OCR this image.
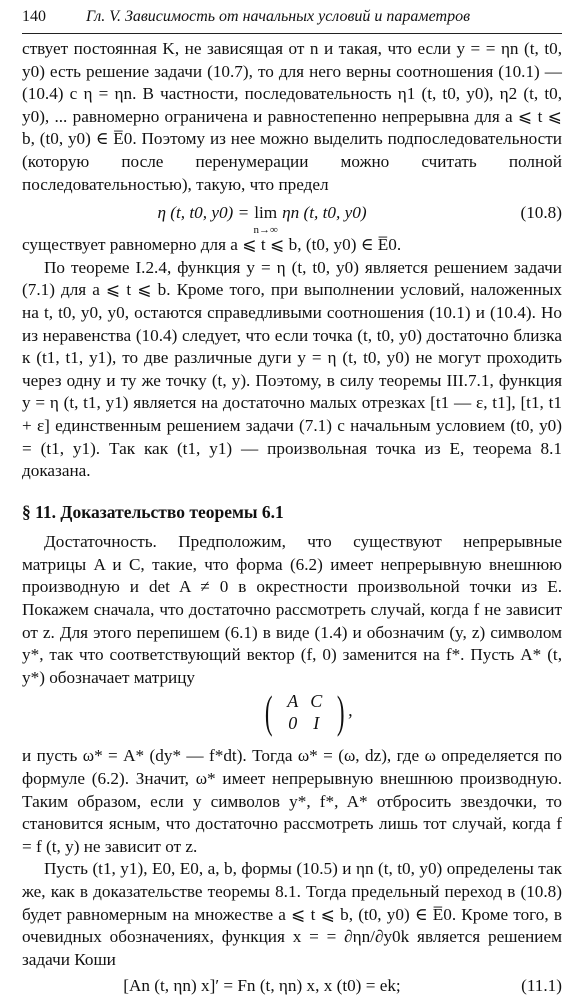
140	Гл. V. Зависимость от начальных условий и параметров

ствует постоянная K, не зависящая от n и такая, что если y = = ηn (t, t0, y0) есть решение задачи (10.7), то для него верны соотношения (10.1) — (10.4) с η = ηn. В частности, последовательность η1 (t, t0, y0), η2 (t, t0, y0), ... равномерно ограничена и равностепенно непрерывна для a ⩽ t ⩽ b, (t0, y0) ∈ E̅0. Поэтому из нее можно выделить подпоследовательности (которую после перенумерации можно считать полной последовательностью), такую, что предел

η (t, t0, y0) = lim
n→∞
ηn (t, t0, y0)	(10.8)

существует равномерно для a ⩽ t ⩽ b, (t0, y0) ∈ E̅0.

По теореме I.2.4, функция y = η (t, t0, y0) является решением задачи (7.1) для a ⩽ t ⩽ b. Кроме того, при выполнении условий, наложенных на t, t0, y0, y0, остаются справедливыми соотношения (10.1) и (10.4). Но из неравенства (10.4) следует, что если точка (t, t0, y0) достаточно близка к (t1, t1, y1), то две различные дуги y = η (t, t0, y0) не могут проходить через одну и ту же точку (t, y). Поэтому, в силу теоремы III.7.1, функция y = η (t, t1, y1) является на достаточно малых отрезках [t1 — ε, t1], [t1, t1 + ε] единственным решением задачи (7.1) с начальным условием (t0, y0) = (t1, y1). Так как (t1, y1) — произвольная точка из E, теорема 8.1 доказана.

§ 11. Доказательство теоремы 6.1

Достаточность. Предположим, что существуют непрерывные матрицы A и C, такие, что форма (6.2) имеет непрерывную внешнюю производную и det A ≠ 0 в окрестности произвольной точки из E. Покажем сначала, что достаточно рассмотреть случай, когда f не зависит от z. Для этого перепишем (6.1) в виде (1.4) и обозначим (y, z) символом y*, так что соответствующий вектор (f, 0) заменится на f*. Пусть A* (t, y*) обозначает матрицу

( A	C
0	I ) ,

и пусть ω* = A* (dy* — f*dt). Тогда ω* = (ω, dz), где ω определяется по формуле (6.2). Значит, ω* имеет непрерывную внешнюю производную. Таким образом, если у символов y*, f*, A* отбросить звездочки, то становится ясным, что достаточно рассмотреть лишь тот случай, когда f = f (t, y) не зависит от z.

Пусть (t1, y1), E0, E0, a, b, формы (10.5) и ηn (t, t0, y0) определены так же, как в доказательстве теоремы 8.1. Тогда предельный переход в (10.8) будет равномерным на множестве a ⩽ t ⩽ b, (t0, y0) ∈ E̅0. Кроме того, в очевидных обозначениях, функция x = = ∂ηn/∂y0k является решением задачи Коши

[An (t, ηn) x]′ = Fn (t, ηn) x, x (t0) = ek;	(11.1)
